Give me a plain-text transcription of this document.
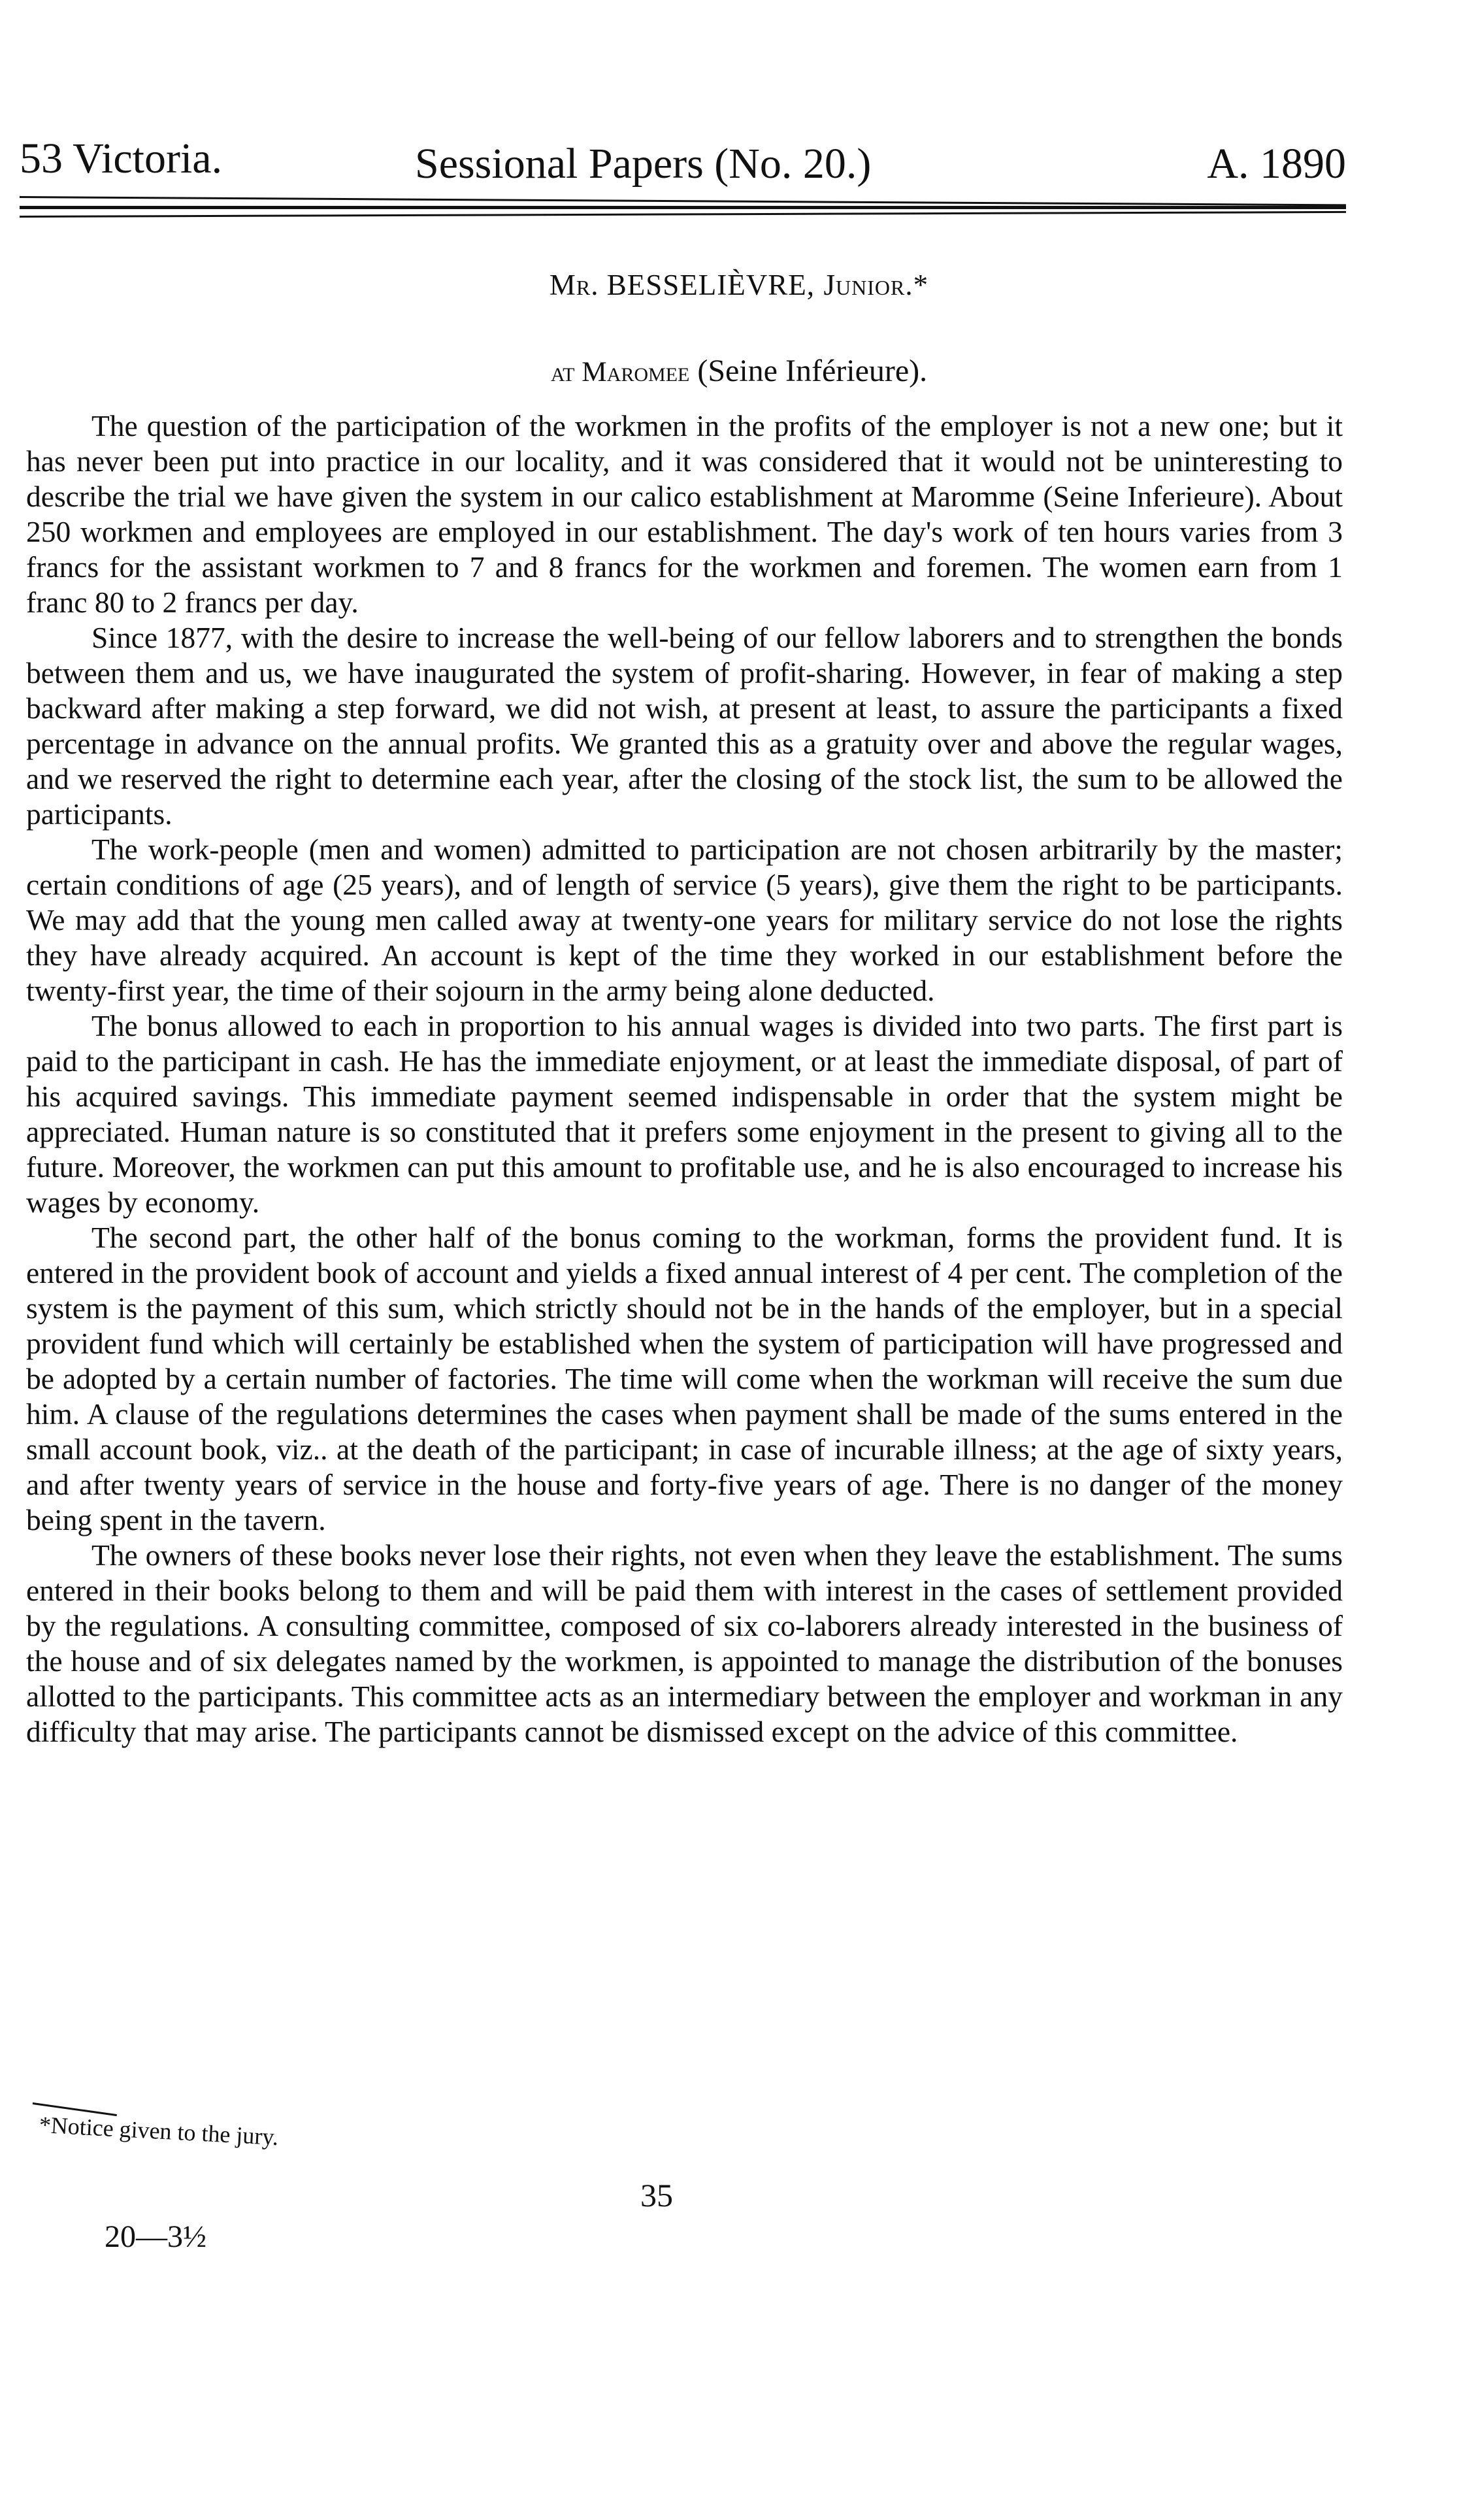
53 Victoria.	Sessional Papers (No. 20.)	A. 1890
Mr. BESSELIÈVRE, Junior.*
at Maromee (Seine Inférieure).

The question of the participation of the workmen in the profits of the employer is not a new one; but it has never been put into practice in our locality, and it was considered that it would not be uninteresting to describe the trial we have given the system in our calico establishment at Maromme (Seine Inferieure). About 250 workmen and employees are employed in our establishment. The day's work of ten hours varies from 3 francs for the assistant workmen to 7 and 8 francs for the workmen and foremen. The women earn from 1 franc 80 to 2 francs per day.

Since 1877, with the desire to increase the well-being of our fellow laborers and to strengthen the bonds between them and us, we have inaugurated the system of profit-sharing. However, in fear of making a step backward after making a step forward, we did not wish, at present at least, to assure the participants a fixed percentage in advance on the annual profits. We granted this as a gratuity over and above the regular wages, and we reserved the right to determine each year, after the closing of the stock list, the sum to be allowed the participants.

The work-people (men and women) admitted to participation are not chosen arbitrarily by the master; certain conditions of age (25 years), and of length of service (5 years), give them the right to be participants. We may add that the young men called away at twenty-one years for military service do not lose the rights they have already acquired. An account is kept of the time they worked in our establishment before the twenty-first year, the time of their sojourn in the army being alone deducted.

The bonus allowed to each in proportion to his annual wages is divided into two parts. The first part is paid to the participant in cash. He has the immediate enjoyment, or at least the immediate disposal, of part of his acquired savings. This immediate payment seemed indispensable in order that the system might be appreciated. Human nature is so constituted that it prefers some enjoyment in the present to giving all to the future. Moreover, the workmen can put this amount to profitable use, and he is also encouraged to increase his wages by economy.

The second part, the other half of the bonus coming to the workman, forms the provident fund. It is entered in the provident book of account and yields a fixed annual interest of 4 per cent. The completion of the system is the payment of this sum, which strictly should not be in the hands of the employer, but in a special provident fund which will certainly be established when the system of participation will have progressed and be adopted by a certain number of factories. The time will come when the workman will receive the sum due him. A clause of the regulations determines the cases when payment shall be made of the sums entered in the small account book, viz.. at the death of the participant; in case of incurable illness; at the age of sixty years, and after twenty years of service in the house and forty-five years of age. There is no danger of the money being spent in the tavern.

The owners of these books never lose their rights, not even when they leave the establishment. The sums entered in their books belong to them and will be paid them with interest in the cases of settlement provided by the regulations. A consulting committee, composed of six co-laborers already interested in the business of the house and of six delegates named by the workmen, is appointed to manage the distribution of the bonuses allotted to the participants. This committee acts as an intermediary between the employer and workman in any difficulty that may arise. The participants cannot be dismissed except on the advice of this committee.

*Notice given to the jury.
35
20—3½
